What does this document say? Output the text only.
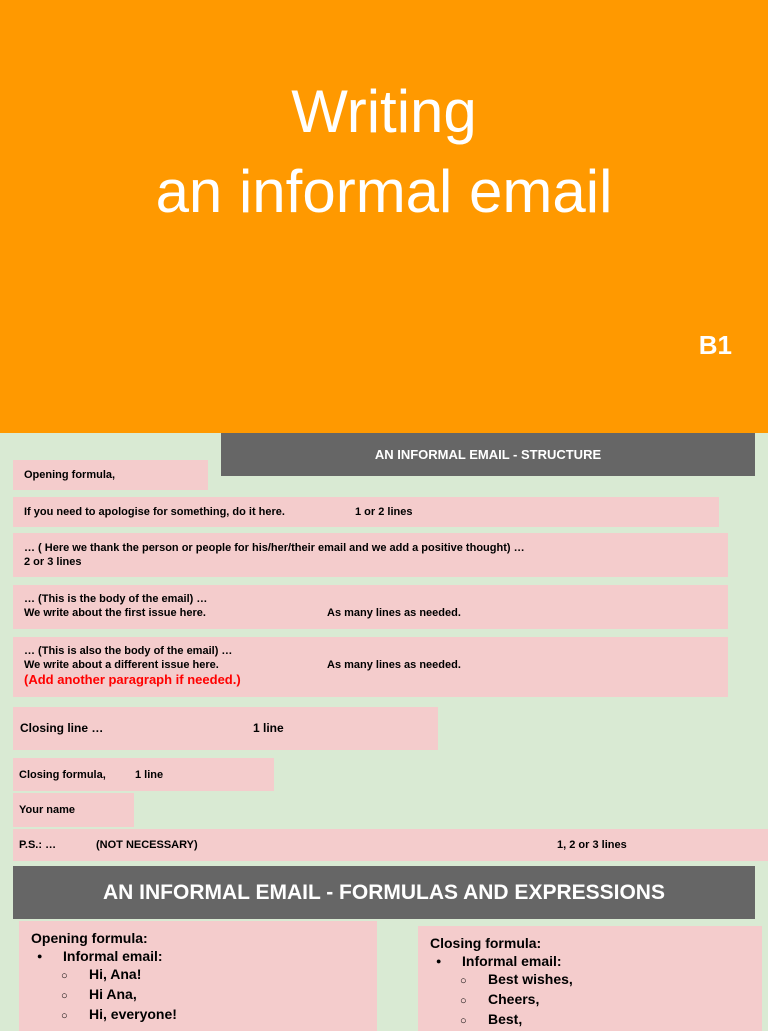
Writing
an informal email
B1
AN INFORMAL EMAIL - STRUCTURE
Opening formula,
If you need to apologise for something, do it here.	1 or 2 lines
… ( Here we thank the person or people for his/her/their email and we add a positive thought) …
2 or 3 lines
… (This is the body of the email) …
We write about the first issue here.	As many lines as needed.
… (This is also the body of the email) …
We write about a different issue here.	As many lines as needed.
(Add another paragraph if needed.)
Closing line …	1 line
Closing formula,	1 line
Your name
P.S.: …	(NOT NECESSARY)	1, 2 or 3 lines
AN INFORMAL EMAIL - FORMULAS AND EXPRESSIONS
Opening formula:
● Informal email:
○ Hi, Ana!
○ Hi Ana,
○ Hi, everyone!
Closing formula:
● Informal email:
○ Best wishes,
○ Cheers,
○ Best,
